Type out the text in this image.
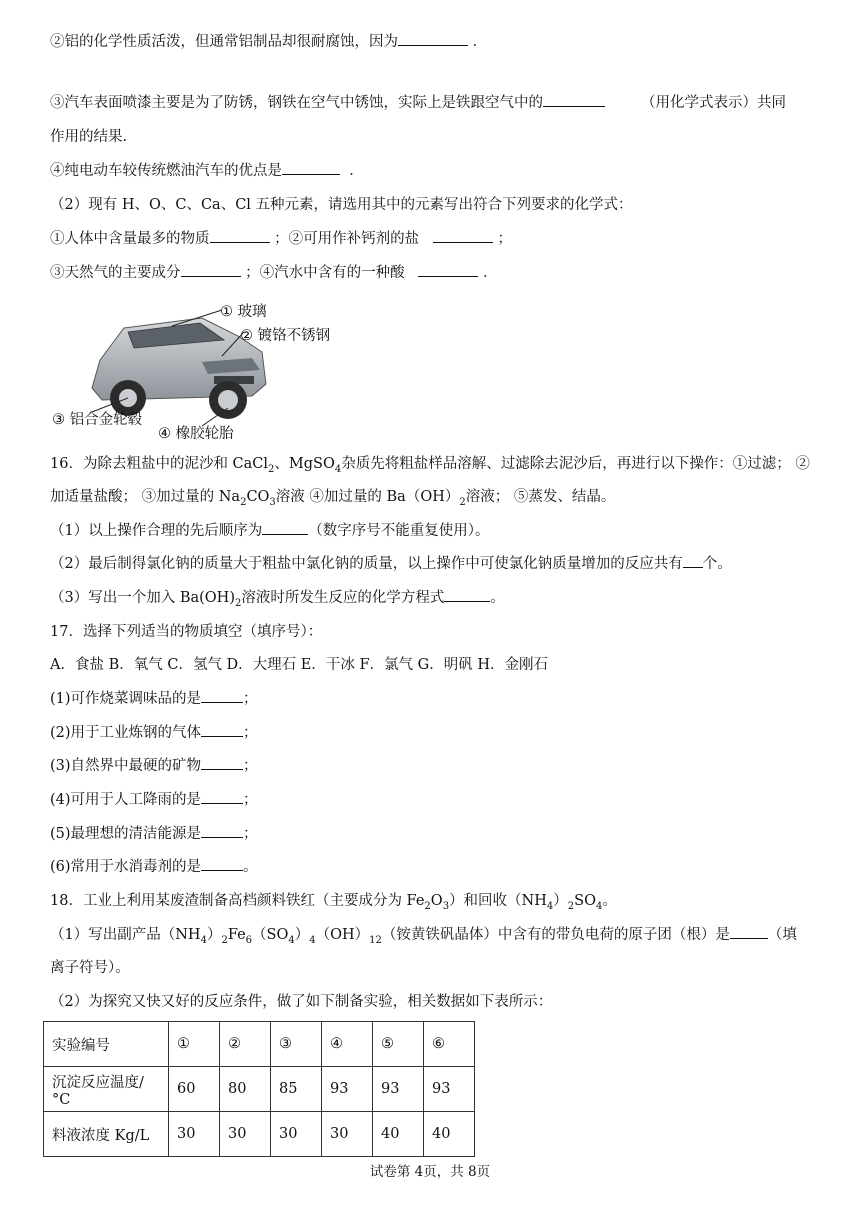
②铝的化学性质活泼，但通常铝制品却很耐腐蚀，因为	．
③汽车表面喷漆主要是为了防锈，钢铁在空气中锈蚀，实际上是铁跟空气中的	（用化学式表示）共同
作用的结果.
④纯电动车较传统燃油汽车的优点是	．
（2）现有 H、O、C、Ca、Cl 五种元素，请选用其中的元素写出符合下列要求的化学式：
①人体中含量最多的物质	；②可用作补钙剂的盐	；
③天然气的主要成分	；④汽水中含有的一种酸	．
① 玻璃
② 镀铬不锈钢
③ 铝合金轮毂
④ 橡胶轮胎
16．为除去粗盐中的泥沙和 CaCl$_2$、MgSO$_4$杂质先将粗盐样品溶解、过滤除去泥沙后，再进行以下操作：①过滤； ②
加适量盐酸； ③加过量的 $Na_2CO_3$溶液 ④加过量的 $Ba(OH)_2$溶液； ⑤蒸发、结晶。
（1）以上操作合理的先后顺序为	（数字序号不能重复使用）。
（2）最后制得氯化钠的质量大于粗盐中氯化钠的质量，以上操作中可使氯化钠质量增加的反应共有 个。
（3）写出一个加入 $Ba(OH)_2$溶液时所发生反应的化学方程式	。
17．选择下列适当的物质填空（填序号）：
A．食盐 B．氧气 C．氢气 D．大理石 E．干冰 F．氯气 G．明矾 H．金刚石
(1)可作烧菜调味品的是	；
(2)用于工业炼钢的气体	；
(3)自然界中最硬的矿物	；
(4)可用于人工降雨的是	；
(5)最理想的清洁能源是	；
(6)常用于水消毒剂的是	。
18．工业上利用某废渣制备高档颜料铁红（主要成分为 $Fe_2O_3$）和回收$(NH_4)_2SO_4$。
（1）写出副产品$(NH_4)_2Fe_6(SO_4)_4(OH)_{12}$（铵黄铁矾晶体）中含有的带负电荷的原子团（根）是	（填
离子符号）。
（2）为探究又快又好的反应条件，做了如下制备实验，相关数据如下表所示：
实验编号	①	②	③	④	⑤	⑥
沉淀反应温度/°C	60	80	85	93	93	93
料液浓度 Kg/L	30	30	30	30	40	40
试卷第 4页，共 8页
